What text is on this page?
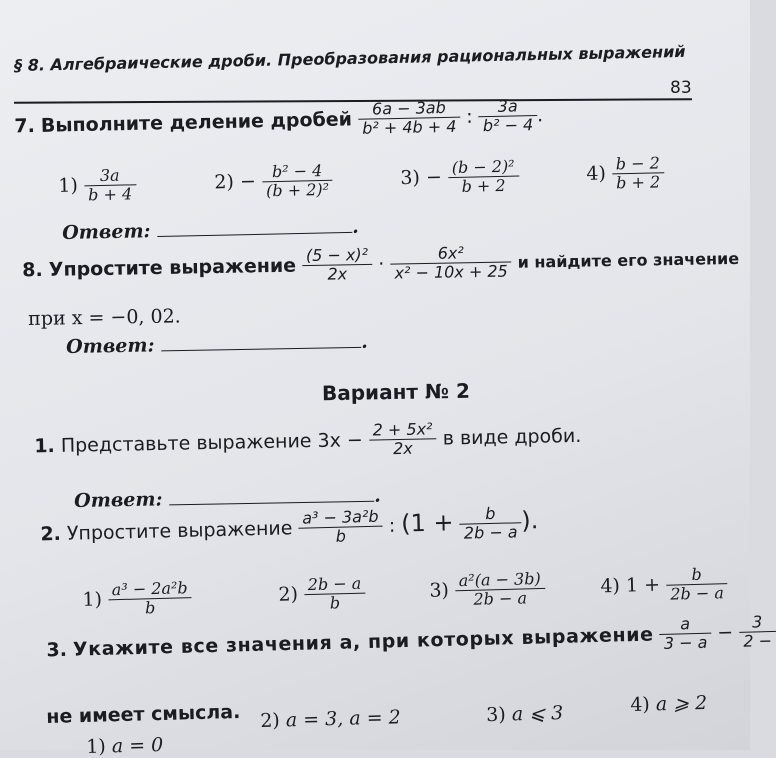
§ 8. Алгебраические дроби. Преобразования рациональных выражений
83
7. Выполните деление дробей $\frac{6a - 3ab}{\text{b² + 4b + 4}}$ : $\frac{3a}{\text{b² − 4}}$ .
$1) \frac{3a}{b + 4}$	$2) - \frac{\text{b² − 4}}{\text{(b + 2)²}}$	$3) - \frac{\text{(b − 2)²}}{b + 2}$	$4) \frac{b - 2}{b + 2}$
Ответ:	.
8. Упростите выражение $\frac{\text{(5 − x)²}}{2x} \cdot \frac{\text{6x²}}{\text{x² − 10x + 25}}$ и найдите его значение
при x = −0, 02.
Ответ:	.
Вариант № 2
1. Представьте выражение $3x - \frac{\text{2 + 5x²}}{2x}$ в виде дроби.
Ответ:	.
2. Упростите выражение $\frac{\text{a³ − 3a²b}}{b}$ : ($1 + \frac{b}{2b - a}$ ).
$1) \frac{\text{a³ − 2a²b}}{b}$	$2) \frac{2b - a}{b}$	$3) \frac{\text{a²(a − 3b)}}{2b - a}$	4) $1 + \frac{b}{2b - a}$
3. Укажите все значения a, при которых выражение $\frac{a}{3 - a} - \frac{3}{2 -}$
не имеет смысла. 2) a = 3, a = 2	3) a ⩽ 3	4) a ⩾ 2
1) a = 0
